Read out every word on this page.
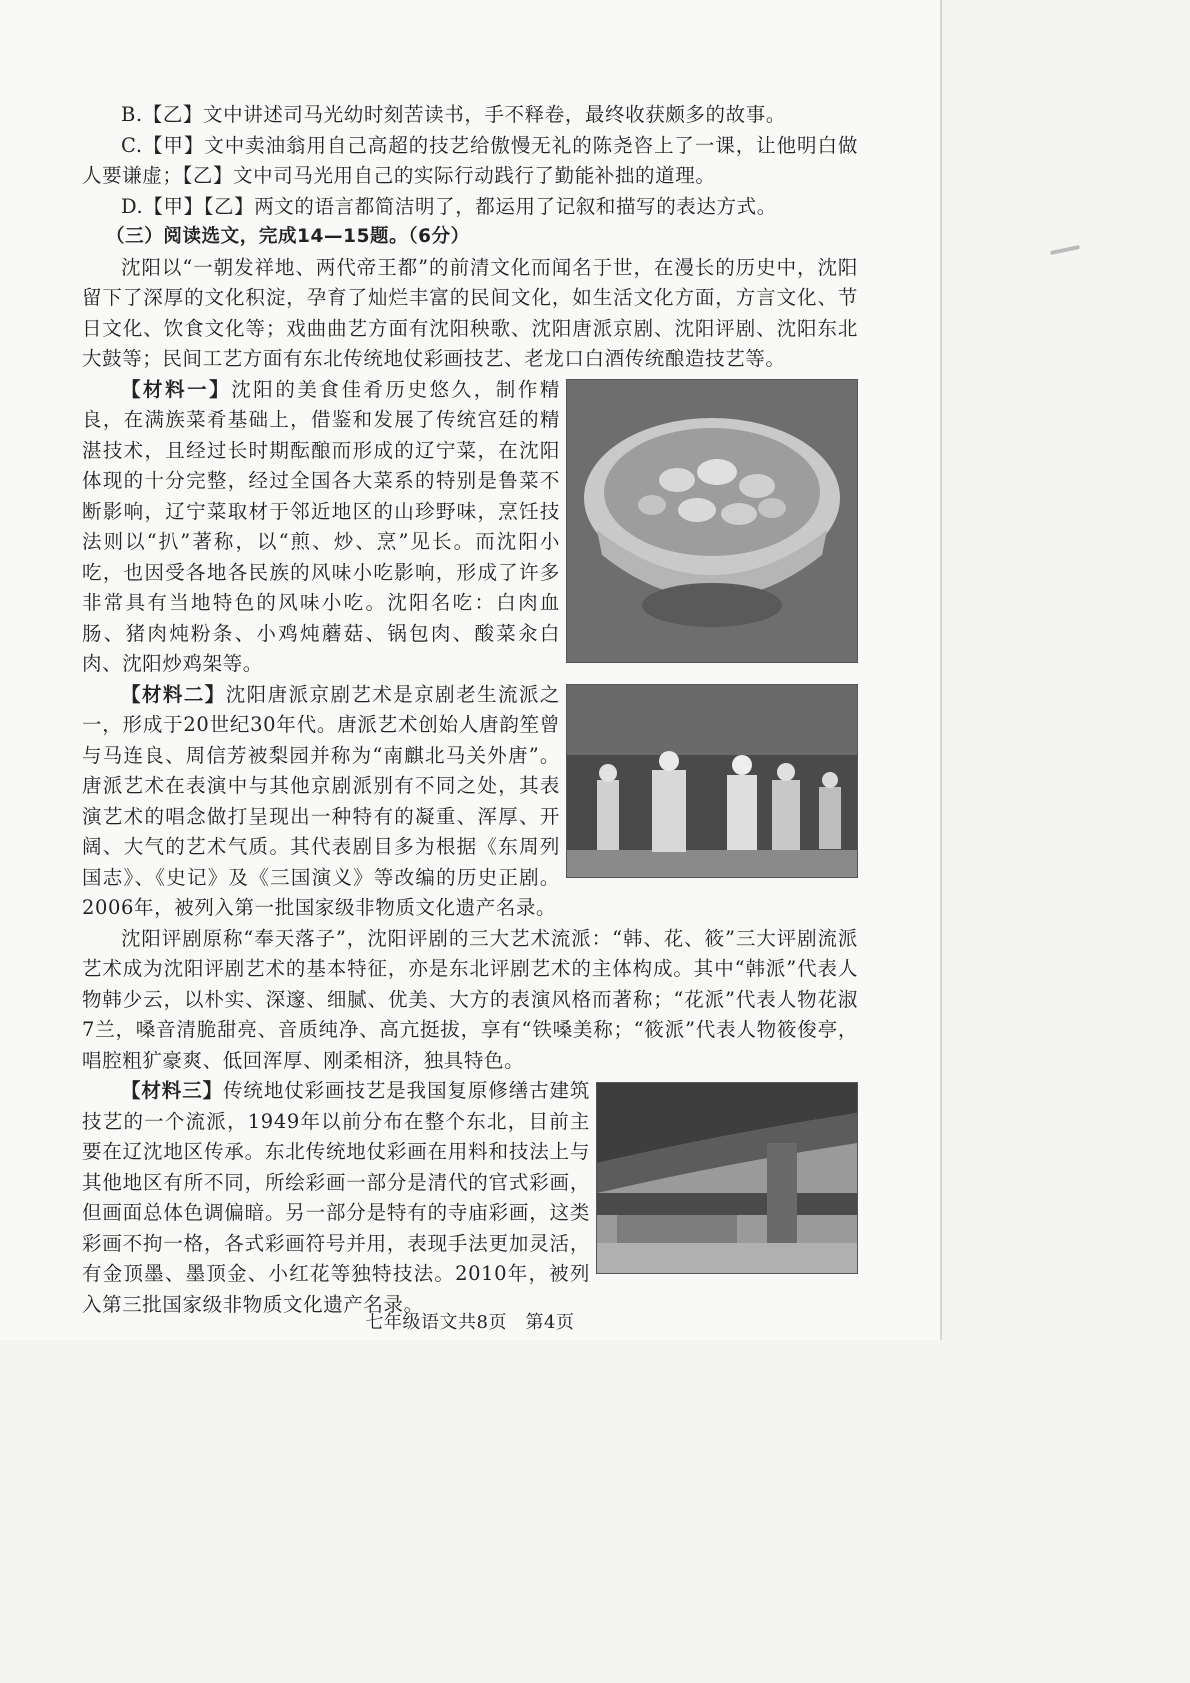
B.【乙】文中讲述司马光幼时刻苦读书，手不释卷，最终收获颇多的故事。

C.【甲】文中卖油翁用自己高超的技艺给傲慢无礼的陈尧咨上了一课，让他明白做人要谦虚；【乙】文中司马光用自己的实际行动践行了勤能补拙的道理。

D.【甲】【乙】两文的语言都简洁明了，都运用了记叙和描写的表达方式。

（三）阅读选文，完成14—15题。（6分）

沈阳以“一朝发祥地、两代帝王都”的前清文化而闻名于世，在漫长的历史中，沈阳留下了深厚的文化积淀，孕育了灿烂丰富的民间文化，如生活文化方面，方言文化、节日文化、饮食文化等；戏曲曲艺方面有沈阳秧歌、沈阳唐派京剧、沈阳评剧、沈阳东北大鼓等；民间工艺方面有东北传统地仗彩画技艺、老龙口白酒传统酿造技艺等。

【材料一】沈阳的美食佳肴历史悠久，制作精良，在满族菜肴基础上，借鉴和发展了传统宫廷的精湛技术，且经过长时期酝酿而形成的辽宁菜，在沈阳体现的十分完整，经过全国各大菜系的特别是鲁菜不断影响，辽宁菜取材于邻近地区的山珍野味，烹饪技法则以“扒”著称，以“煎、炒、烹”见长。而沈阳小吃，也因受各地各民族的风味小吃影响，形成了许多非常具有当地特色的风味小吃。沈阳名吃：白肉血肠、猪肉炖粉条、小鸡炖蘑菇、锅包肉、酸菜汆白肉、沈阳炒鸡架等。

【材料二】沈阳唐派京剧艺术是京剧老生流派之一，形成于20世纪30年代。唐派艺术创始人唐韵笙曾与马连良、周信芳被梨园并称为“南麒北马关外唐”。唐派艺术在表演中与其他京剧派别有不同之处，其表演艺术的唱念做打呈现出一种特有的凝重、浑厚、开阔、大气的艺术气质。其代表剧目多为根据《东周列国志》、《史记》及《三国演义》等改编的历史正剧。2006年，被列入第一批国家级非物质文化遗产名录。

沈阳评剧原称“奉天落子”，沈阳评剧的三大艺术流派：“韩、花、筱”三大评剧流派艺术成为沈阳评剧艺术的基本特征，亦是东北评剧艺术的主体构成。其中“韩派”代表人物韩少云，以朴实、深邃、细腻、优美、大方的表演风格而著称；“花派”代表人物花淑7兰，嗓音清脆甜亮、音质纯净、高亢挺拔，享有“铁嗓美称；“筱派”代表人物筱俊亭，唱腔粗犷豪爽、低回浑厚、刚柔相济，独具特色。

【材料三】传统地仗彩画技艺是我国复原修缮古建筑技艺的一个流派，1949年以前分布在整个东北，目前主要在辽沈地区传承。东北传统地仗彩画在用料和技法上与其他地区有所不同，所绘彩画一部分是清代的官式彩画，但画面总体色调偏暗。另一部分是特有的寺庙彩画，这类彩画不拘一格，各式彩画符号并用，表现手法更加灵活，有金顶墨、墨顶金、小红花等独特技法。2010年，被列入第三批国家级非物质文化遗产名录。

七年级语文共8页　第4页
